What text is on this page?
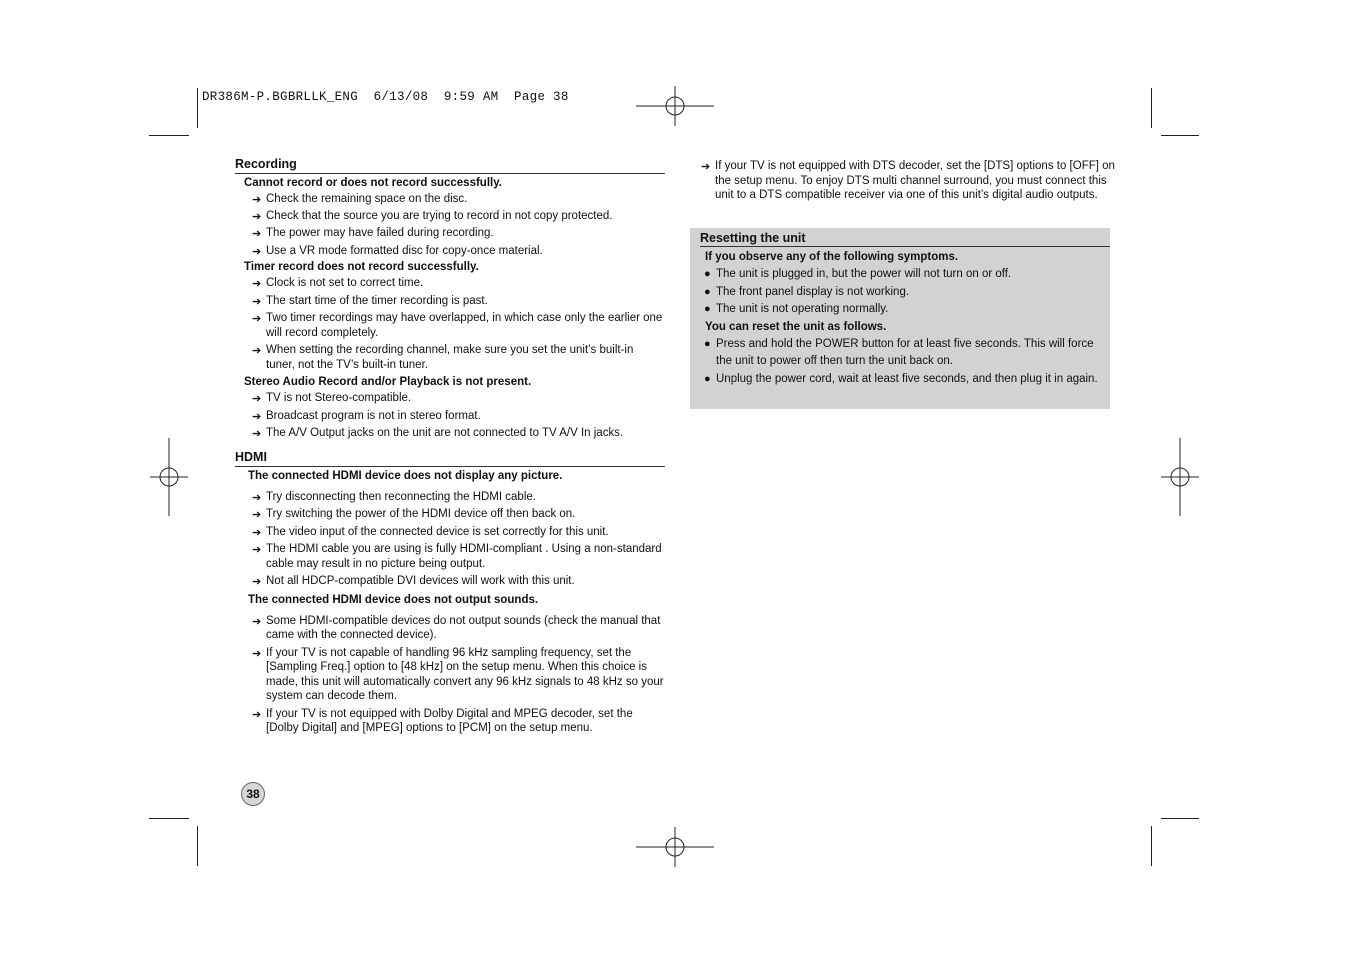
DR386M-P.BGBRLLK_ENG  6/13/08  9:59 AM  Page 38
Recording
Cannot record or does not record successfully.
➔ Check the remaining space on the disc.
➔ Check that the source you are trying to record in not copy protected.
➔ The power may have failed during recording.
➔ Use a VR mode formatted disc for copy-once material.
Timer record does not record successfully.
➔ Clock is not set to correct time.
➔ The start time of the timer recording is past.
➔ Two timer recordings may have overlapped, in which case only the earlier one will record completely.
➔ When setting the recording channel, make sure you set the unit’s built-in tuner, not the TV’s built-in tuner.
Stereo Audio Record and/or Playback is not present.
➔ TV is not Stereo-compatible.
➔ Broadcast program is not in stereo format.
➔ The A/V Output jacks on the unit are not connected to TV A/V In jacks.
HDMI
The connected HDMI device does not display any picture.
➔ Try disconnecting then reconnecting the HDMI cable.
➔ Try switching the power of the HDMI device off then back on.
➔ The video input of the connected device is set correctly for this unit.
➔ The HDMI cable you are using is fully HDMI-compliant . Using a non-standard cable may result in no picture being output.
➔ Not all HDCP-compatible DVI devices will work with this unit.
The connected HDMI device does not output sounds.
➔ Some HDMI-compatible devices do not output sounds (check the manual that came with the connected device).
➔ If your TV is not capable of handling 96 kHz sampling frequency, set the [Sampling Freq.] option to [48 kHz] on the setup menu. When this choice is made, this unit will automatically convert any 96 kHz signals to 48 kHz so your system can decode them.
➔ If your TV is not equipped with Dolby Digital and MPEG decoder, set the [Dolby Digital] and [MPEG] options to [PCM] on the setup menu.
➔ If your TV is not equipped with DTS decoder, set the [DTS] options to [OFF] on the setup menu. To enjoy DTS multi channel surround, you must connect this unit to a DTS compatible receiver via one of this unit’s digital audio outputs.
Resetting the unit
If you observe any of the following symptoms.
● The unit is plugged in, but the power will not turn on or off.
● The front panel display is not working.
● The unit is not operating normally.
You can reset the unit as follows.
● Press and hold the POWER button for at least five seconds. This will force the unit to power off then turn the unit back on.
● Unplug the power cord, wait at least five seconds, and then plug it in again.
38
